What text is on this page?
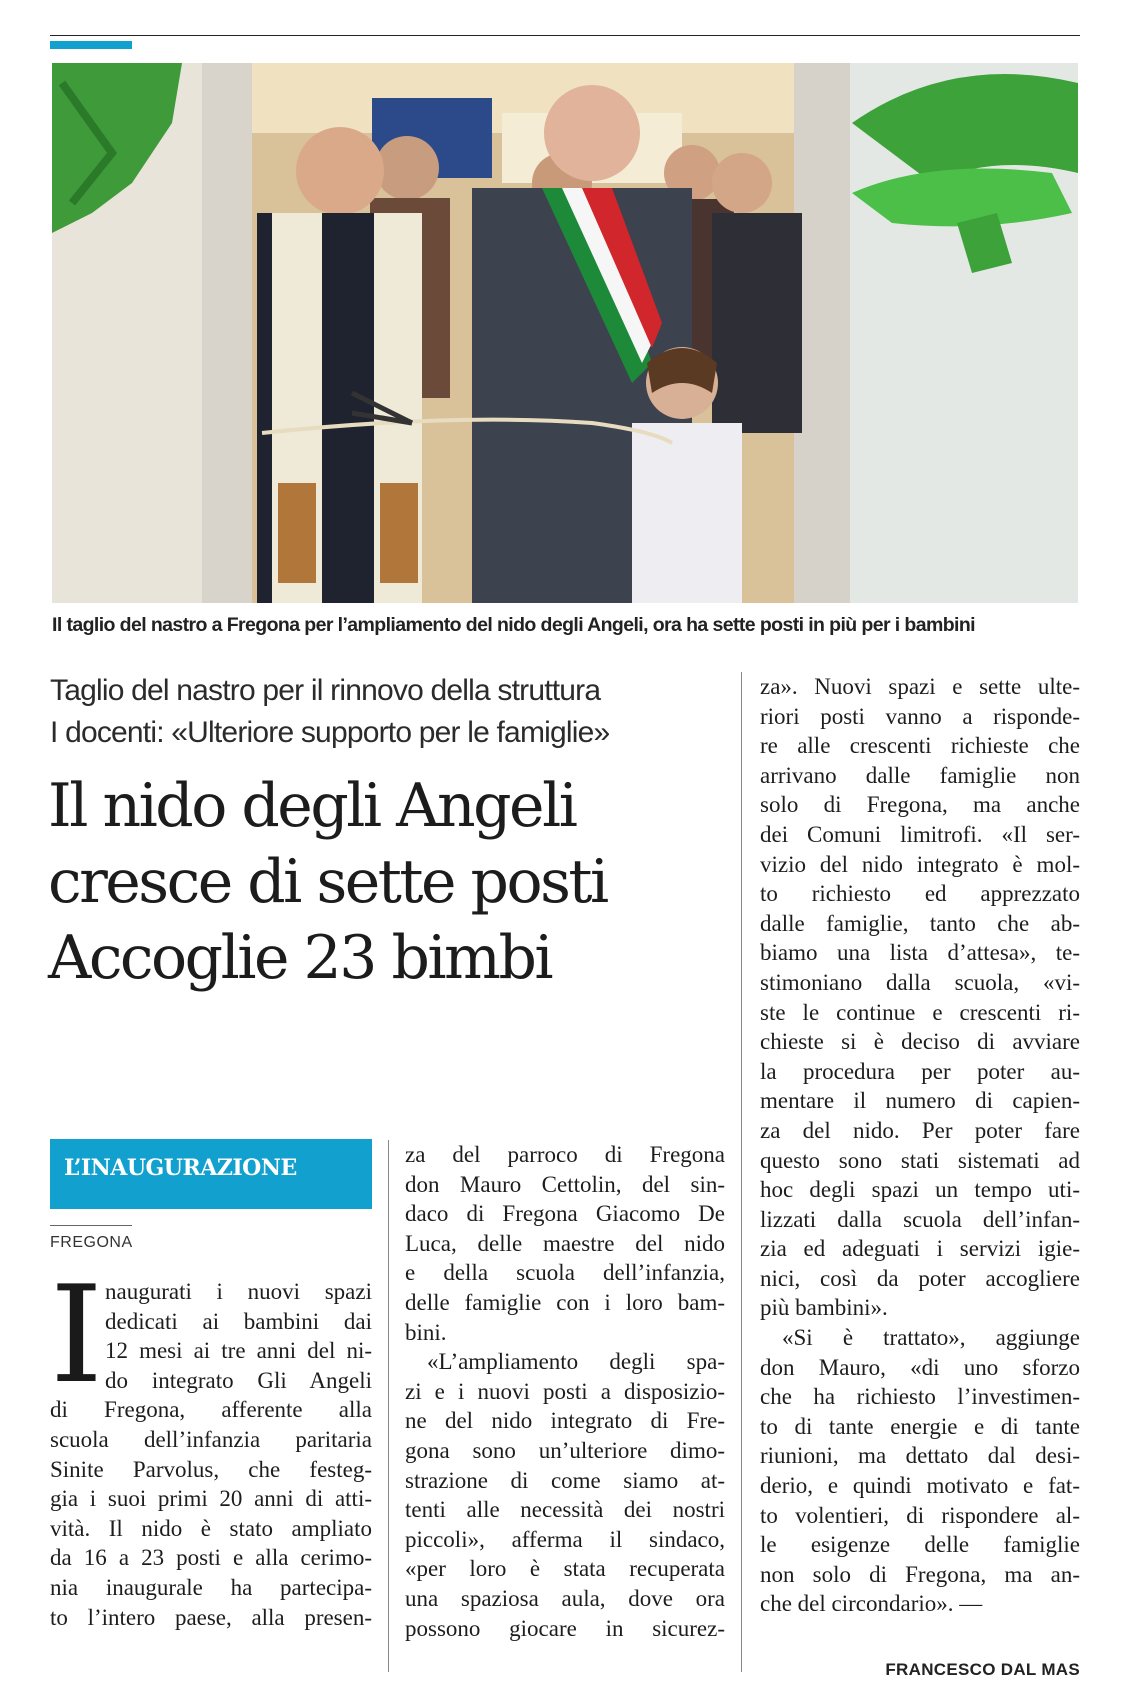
Il taglio del nastro a Fregona per l’ampliamento del nido degli Angeli, ora ha sette posti in più per i bambini
Taglio del nastro per il rinnovo della struttura
I docenti: «Ulteriore supporto per le famiglie»
Il nido degli Angeli
cresce di sette posti
Accoglie 23 bimbi
L’INAUGURAZIONE
FREGONA
I naugurati i nuovi spazi
dedicati ai bambini dai
12 mesi ai tre anni del ni-
do integrato Gli Angeli
di Fregona, afferente alla
scuola dell’infanzia paritaria
Sinite Parvolus, che festeg-
gia i suoi primi 20 anni di atti-
vità. Il nido è stato ampliato
da 16 a 23 posti e alla cerimo-
nia inaugurale ha partecipa-
to l’intero paese, alla presen-
za del parroco di Fregona
don Mauro Cettolin, del sin-
daco di Fregona Giacomo De
Luca, delle maestre del nido
e della scuola dell’infanzia,
delle famiglie con i loro bam-
bini.
«L’ampliamento degli spa-
zi e i nuovi posti a disposizio-
ne del nido integrato di Fre-
gona sono un’ulteriore dimo-
strazione di come siamo at-
tenti alle necessità dei nostri
piccoli», afferma il sindaco,
«per loro è stata recuperata
una spaziosa aula, dove ora
possono giocare in sicurez-
za». Nuovi spazi e sette ulte-
riori posti vanno a risponde-
re alle crescenti richieste che
arrivano dalle famiglie non
solo di Fregona, ma anche
dei Comuni limitrofi. «Il ser-
vizio del nido integrato è mol-
to richiesto ed apprezzato
dalle famiglie, tanto che ab-
biamo una lista d’attesa», te-
stimoniano dalla scuola, «vi-
ste le continue e crescenti ri-
chieste si è deciso di avviare
la procedura per poter au-
mentare il numero di capien-
za del nido. Per poter fare
questo sono stati sistemati ad
hoc degli spazi un tempo uti-
lizzati dalla scuola dell’infan-
zia ed adeguati i servizi igie-
nici, così da poter accogliere
più bambini».
«Si è trattato», aggiunge
don Mauro, «di uno sforzo
che ha richiesto l’investimen-
to di tante energie e di tante
riunioni, ma dettato dal desi-
derio, e quindi motivato e fat-
to volentieri, di rispondere al-
le esigenze delle famiglie
non solo di Fregona, ma an-
che del circondario». —
FRANCESCO DAL MAS
